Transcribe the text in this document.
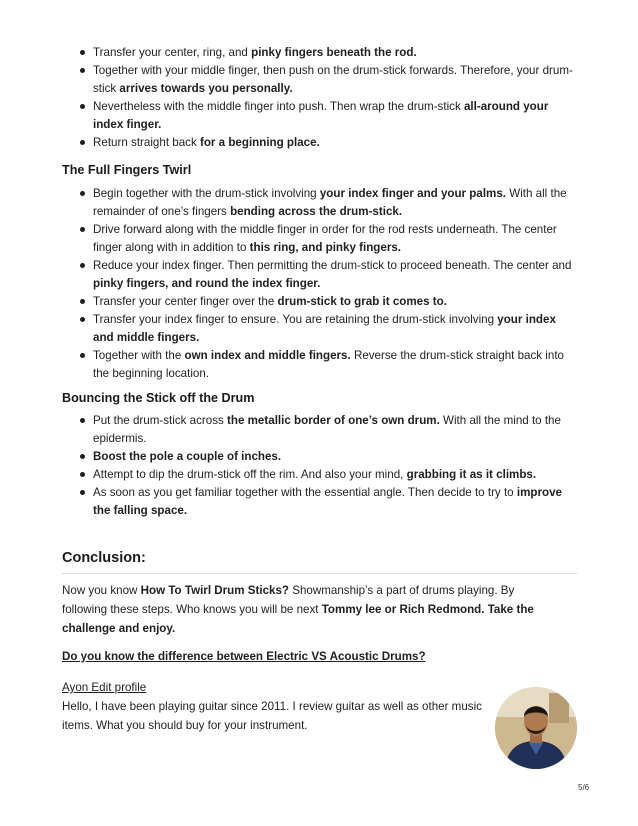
Transfer your center, ring, and pinky fingers beneath the rod.
Together with your middle finger, then push on the drum-stick forwards. Therefore, your drum-stick arrives towards you personally.
Nevertheless with the middle finger into push. Then wrap the drum-stick all-around your index finger.
Return straight back for a beginning place.
The Full Fingers Twirl
Begin together with the drum-stick involving your index finger and your palms. With all the remainder of one’s fingers bending across the drum-stick.
Drive forward along with the middle finger in order for the rod rests underneath. The center finger along with in addition to this ring, and pinky fingers.
Reduce your index finger. Then permitting the drum-stick to proceed beneath. The center and pinky fingers, and round the index finger.
Transfer your center finger over the drum-stick to grab it comes to.
Transfer your index finger to ensure. You are retaining the drum-stick involving your index and middle fingers.
Together with the own index and middle fingers. Reverse the drum-stick straight back into the beginning location.
Bouncing the Stick off the Drum
Put the drum-stick across the metallic border of one’s own drum. With all the mind to the epidermis.
Boost the pole a couple of inches.
Attempt to dip the drum-stick off the rim. And also your mind, grabbing it as it climbs.
As soon as you get familiar together with the essential angle. Then decide to try to improve the falling space.
Conclusion:
Now you know How To Twirl Drum Sticks? Showmanship’s a part of drums playing. By following these steps. Who knows you will be next Tommy lee or Rich Redmond. Take the challenge and enjoy.
Do you know the difference between Electric VS Acoustic Drums?
Ayon Edit profile
Hello, I have been playing guitar since 2011. I review guitar as well as other music items. What you should buy for your instrument.
5/6
